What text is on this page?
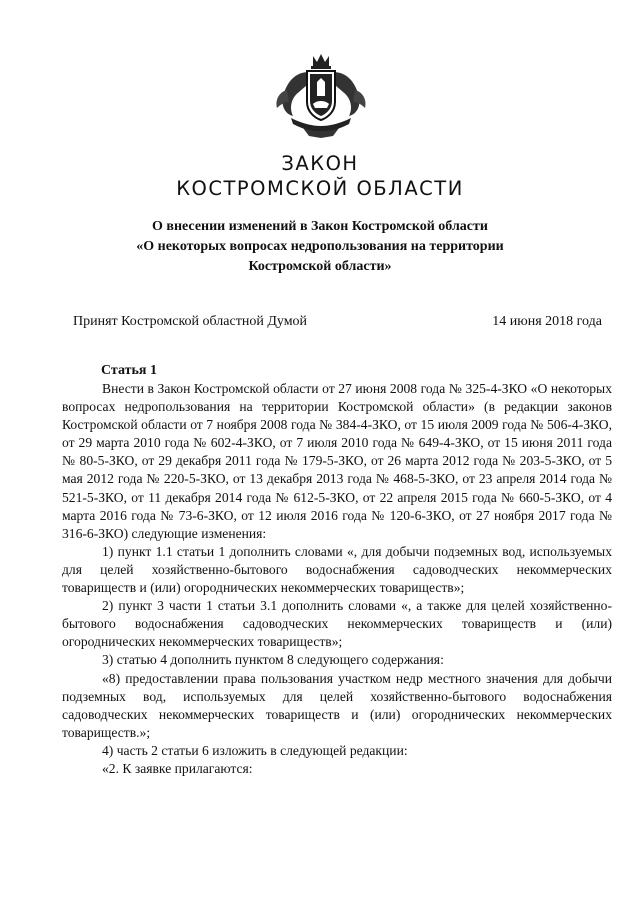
ЗАКОН
КОСТРОМСКОЙ ОБЛАСТИ
О внесении изменений в Закон Костромской области
«О некоторых вопросах недропользования на территории
Костромской области»
Принят Костромской областной Думой	14 июня 2018 года
Статья 1

Внести в Закон Костромской области от 27 июня 2008 года № 325-4-ЗКО «О некоторых вопросах недропользования на территории Костромской области» (в редакции законов Костромской области от 7 ноября 2008 года № 384-4-ЗКО, от 15 июля 2009 года № 506-4-ЗКО, от 29 марта 2010 года № 602-4-ЗКО, от 7 июля 2010 года № 649-4-ЗКО, от 15 июня 2011 года № 80-5-ЗКО, от 29 декабря 2011 года № 179-5-ЗКО, от 26 марта 2012 года № 203-5-ЗКО, от 5 мая 2012 года № 220-5-ЗКО, от 13 декабря 2013 года № 468-5-ЗКО, от 23 апреля 2014 года № 521-5-ЗКО, от 11 декабря 2014 года № 612-5-ЗКО, от 22 апреля 2015 года № 660-5-ЗКО, от 4 марта 2016 года № 73-6-ЗКО, от 12 июля 2016 года № 120-6-ЗКО, от 27 ноября 2017 года № 316-6-ЗКО) следующие изменения:

1) пункт 1.1 статьи 1 дополнить словами «, для добычи подземных вод, используемых для целей хозяйственно-бытового водоснабжения садоводческих некоммерческих товариществ и (или) огороднических некоммерческих товариществ»;

2) пункт 3 части 1 статьи 3.1 дополнить словами «, а также для целей хозяйственно-бытового водоснабжения садоводческих некоммерческих товариществ и (или) огороднических некоммерческих товариществ»;

3) статью 4 дополнить пунктом 8 следующего содержания:

«8) предоставлении права пользования участком недр местного значения для добычи подземных вод, используемых для целей хозяйственно-бытового водоснабжения садоводческих некоммерческих товариществ и (или) огороднических некоммерческих товариществ.»;

4) часть 2 статьи 6 изложить в следующей редакции:

«2. К заявке прилагаются:
